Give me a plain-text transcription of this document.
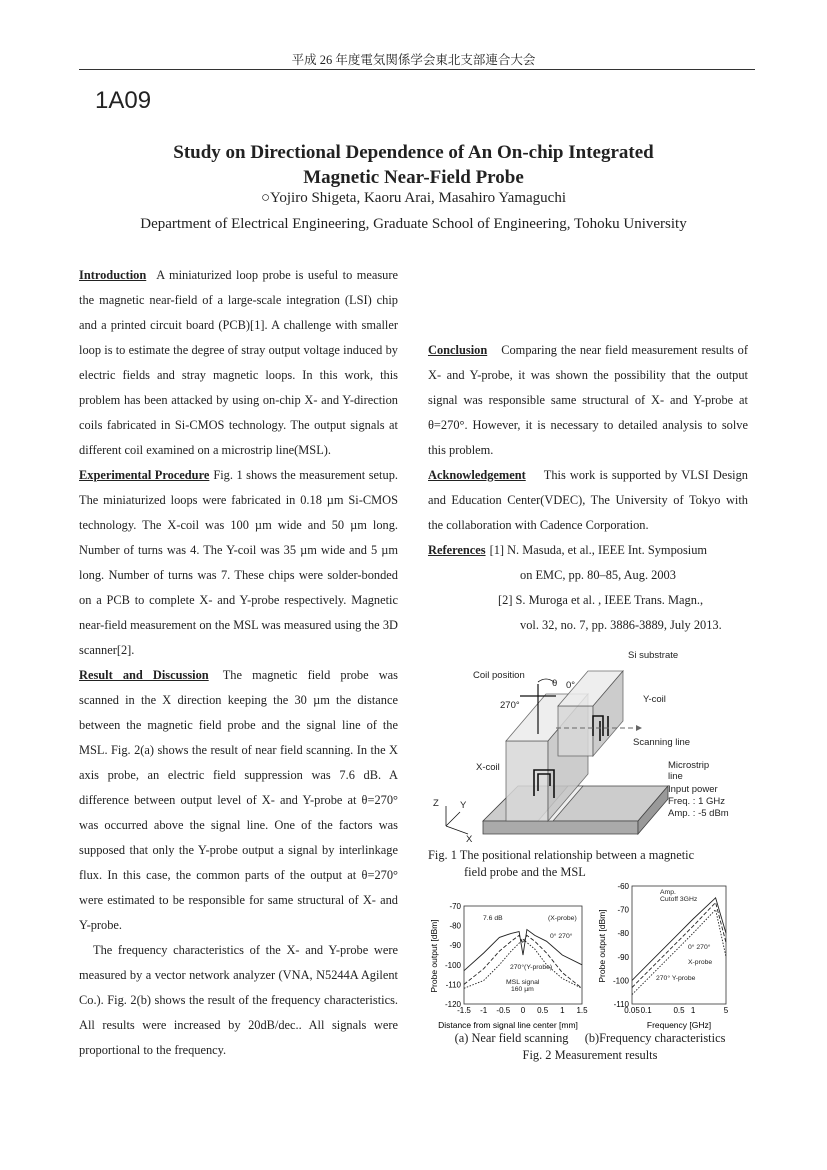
平成 26 年度電気関係学会東北支部連合大会
1A09
Study on Directional Dependence of An On-chip Integrated
Magnetic Near-Field Probe
○Yojiro Shigeta, Kaoru Arai, Masahiro Yamaguchi
Department of Electrical Engineering, Graduate School of Engineering, Tohoku University

Introduction A miniaturized loop probe is useful to measure the magnetic near-field of a large-scale integration (LSI) chip and a printed circuit board (PCB)[1]. A challenge with smaller loop is to estimate the degree of stray output voltage induced by electric fields and stray magnetic loops. In this work, this problem has been attacked by using on-chip X- and Y-direction coils fabricated in Si-CMOS technology. The output signals at different coil examined on a microstrip line(MSL).

Experimental Procedure Fig. 1 shows the measurement setup. The miniaturized loops were fabricated in 0.18 µm Si-CMOS technology. The X-coil was 100 µm wide and 50 µm long. Number of turns was 4. The Y-coil was 35 µm wide and 5 µm long. Number of turns was 7. These chips were solder-bonded on a PCB to complete X- and Y-probe respectively. Magnetic near-field measurement on the MSL was measured using the 3D scanner[2].

Result and Discussion The magnetic field probe was scanned in the X direction keeping the 30 µm the distance between the magnetic field probe and the signal line of the MSL. Fig. 2(a) shows the result of near field scanning. In the X axis probe, an electric field suppression was 7.6 dB. A difference between output level of X- and Y-probe at θ=270° was occurred above the signal line. One of the factors was supposed that only the Y-probe output a signal by interlinkage flux. In this case, the common parts of the output at θ=270° were estimated to be responsible for same structural of X- and Y-probe.

The frequency characteristics of the X- and Y-probe were measured by a vector network analyzer (VNA, N5244A Agilent Co.). Fig. 2(b) shows the result of the frequency characteristics. All results were increased by 20dB/dec.. All signals were proportional to the frequency.

Conclusion Comparing the near field measurement results of X- and Y-probe, it was shown the possibility that the output signal was responsible same structural of X- and Y-probe at θ=270°. However, it is necessary to detailed analysis to solve this problem.

Acknowledgement This work is supported by VLSI Design and Education Center(VDEC), The University of Tokyo with the collaboration with Cadence Corporation.

References [1] N. Masuda, et al., IEEE Int. Symposium

on EMC, pp. 80–85, Aug. 2003

[2] S. Muroga et al. , IEEE Trans. Magn.,

vol. 32, no. 7, pp. 3886-3889, July 2013.

Si substrate
Coil position
θ 0°
270°
Y-coil
Scanning line
X-coil	Microstrip
line
Input power
Freq. : 1 GHz
Amp. : -5 dBm
Z Y
X
Fig. 1 The positional relationship between a magnetic
field probe and the MSL
-70
-80
-90
-100
-110
-120
-1.5 -1 -0.5 0 0.5 1 1.5
Distance from signal line center [mm]
Probe output [dBm]
7.6 dB	(X-probe)
0° 270°
270°(Y-probe)
MSL signal
160 µm
-60
-70
-80
-90
-100
-110
0.05 0.1	0.5 1	5
Frequency [GHz]
Probe output [dBm]
Amp.
Cutoff 3GHz
0° 270°
X-probe
270° Y-probe
(a) Near field scanning (b)Frequency characteristics
Fig. 2 Measurement results
